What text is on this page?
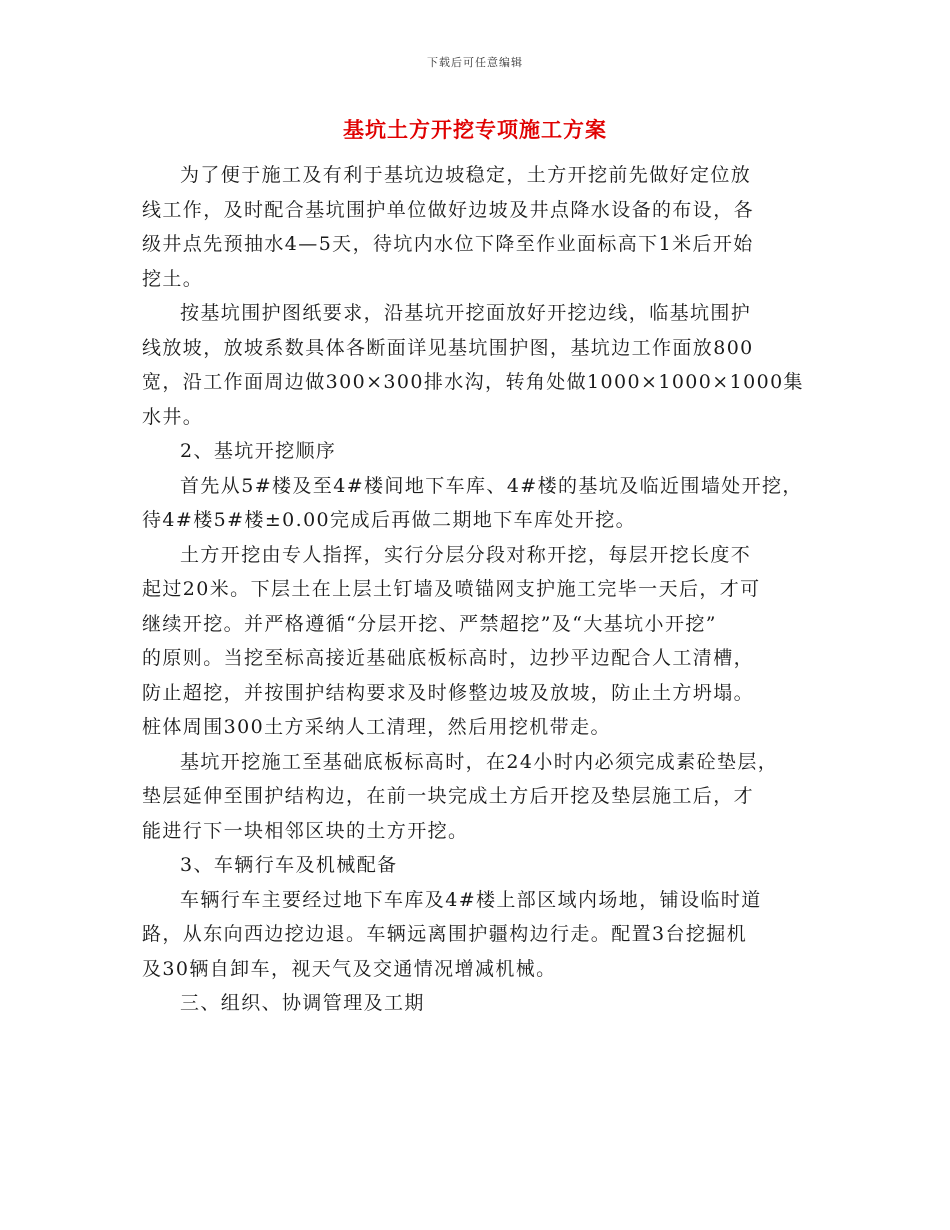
下载后可任意编辑
基坑土方开挖专项施工方案

为了便于施工及有利于基坑边坡稳定，土方开挖前先做好定位放
线工作，及时配合基坑围护单位做好边坡及井点降水设备的布设，各
级井点先预抽水4—5天，待坑内水位下降至作业面标高下1米后开始
挖土。

按基坑围护图纸要求，沿基坑开挖面放好开挖边线，临基坑围护
线放坡，放坡系数具体各断面详见基坑围护图，基坑边工作面放800
宽，沿工作面周边做300×300排水沟，转角处做1000×1000×1000集
水井。

2、基坑开挖顺序

首先从5#楼及至4#楼间地下车库、4#楼的基坑及临近围墙处开挖，
待4#楼5#楼±0.00完成后再做二期地下车库处开挖。

土方开挖由专人指挥，实行分层分段对称开挖，每层开挖长度不
起过20米。下层土在上层土钉墙及喷锚网支护施工完毕一天后，才可
继续开挖。并严格遵循“分层开挖、严禁超挖”及“大基坑小开挖”
的原则。当挖至标高接近基础底板标高时，边抄平边配合人工清槽，
防止超挖，并按围护结构要求及时修整边坡及放坡，防止土方坍塌。
桩体周围300土方采纳人工清理，然后用挖机带走。

基坑开挖施工至基础底板标高时，在24小时内必须完成素砼垫层，
垫层延伸至围护结构边，在前一块完成土方后开挖及垫层施工后，才
能进行下一块相邻区块的土方开挖。

3、车辆行车及机械配备

车辆行车主要经过地下车库及4#楼上部区域内场地，铺设临时道
路，从东向西边挖边退。车辆远离围护疆构边行走。配置3台挖掘机
及30辆自卸车，视天气及交通情况增减机械。

三、组织、协调管理及工期
